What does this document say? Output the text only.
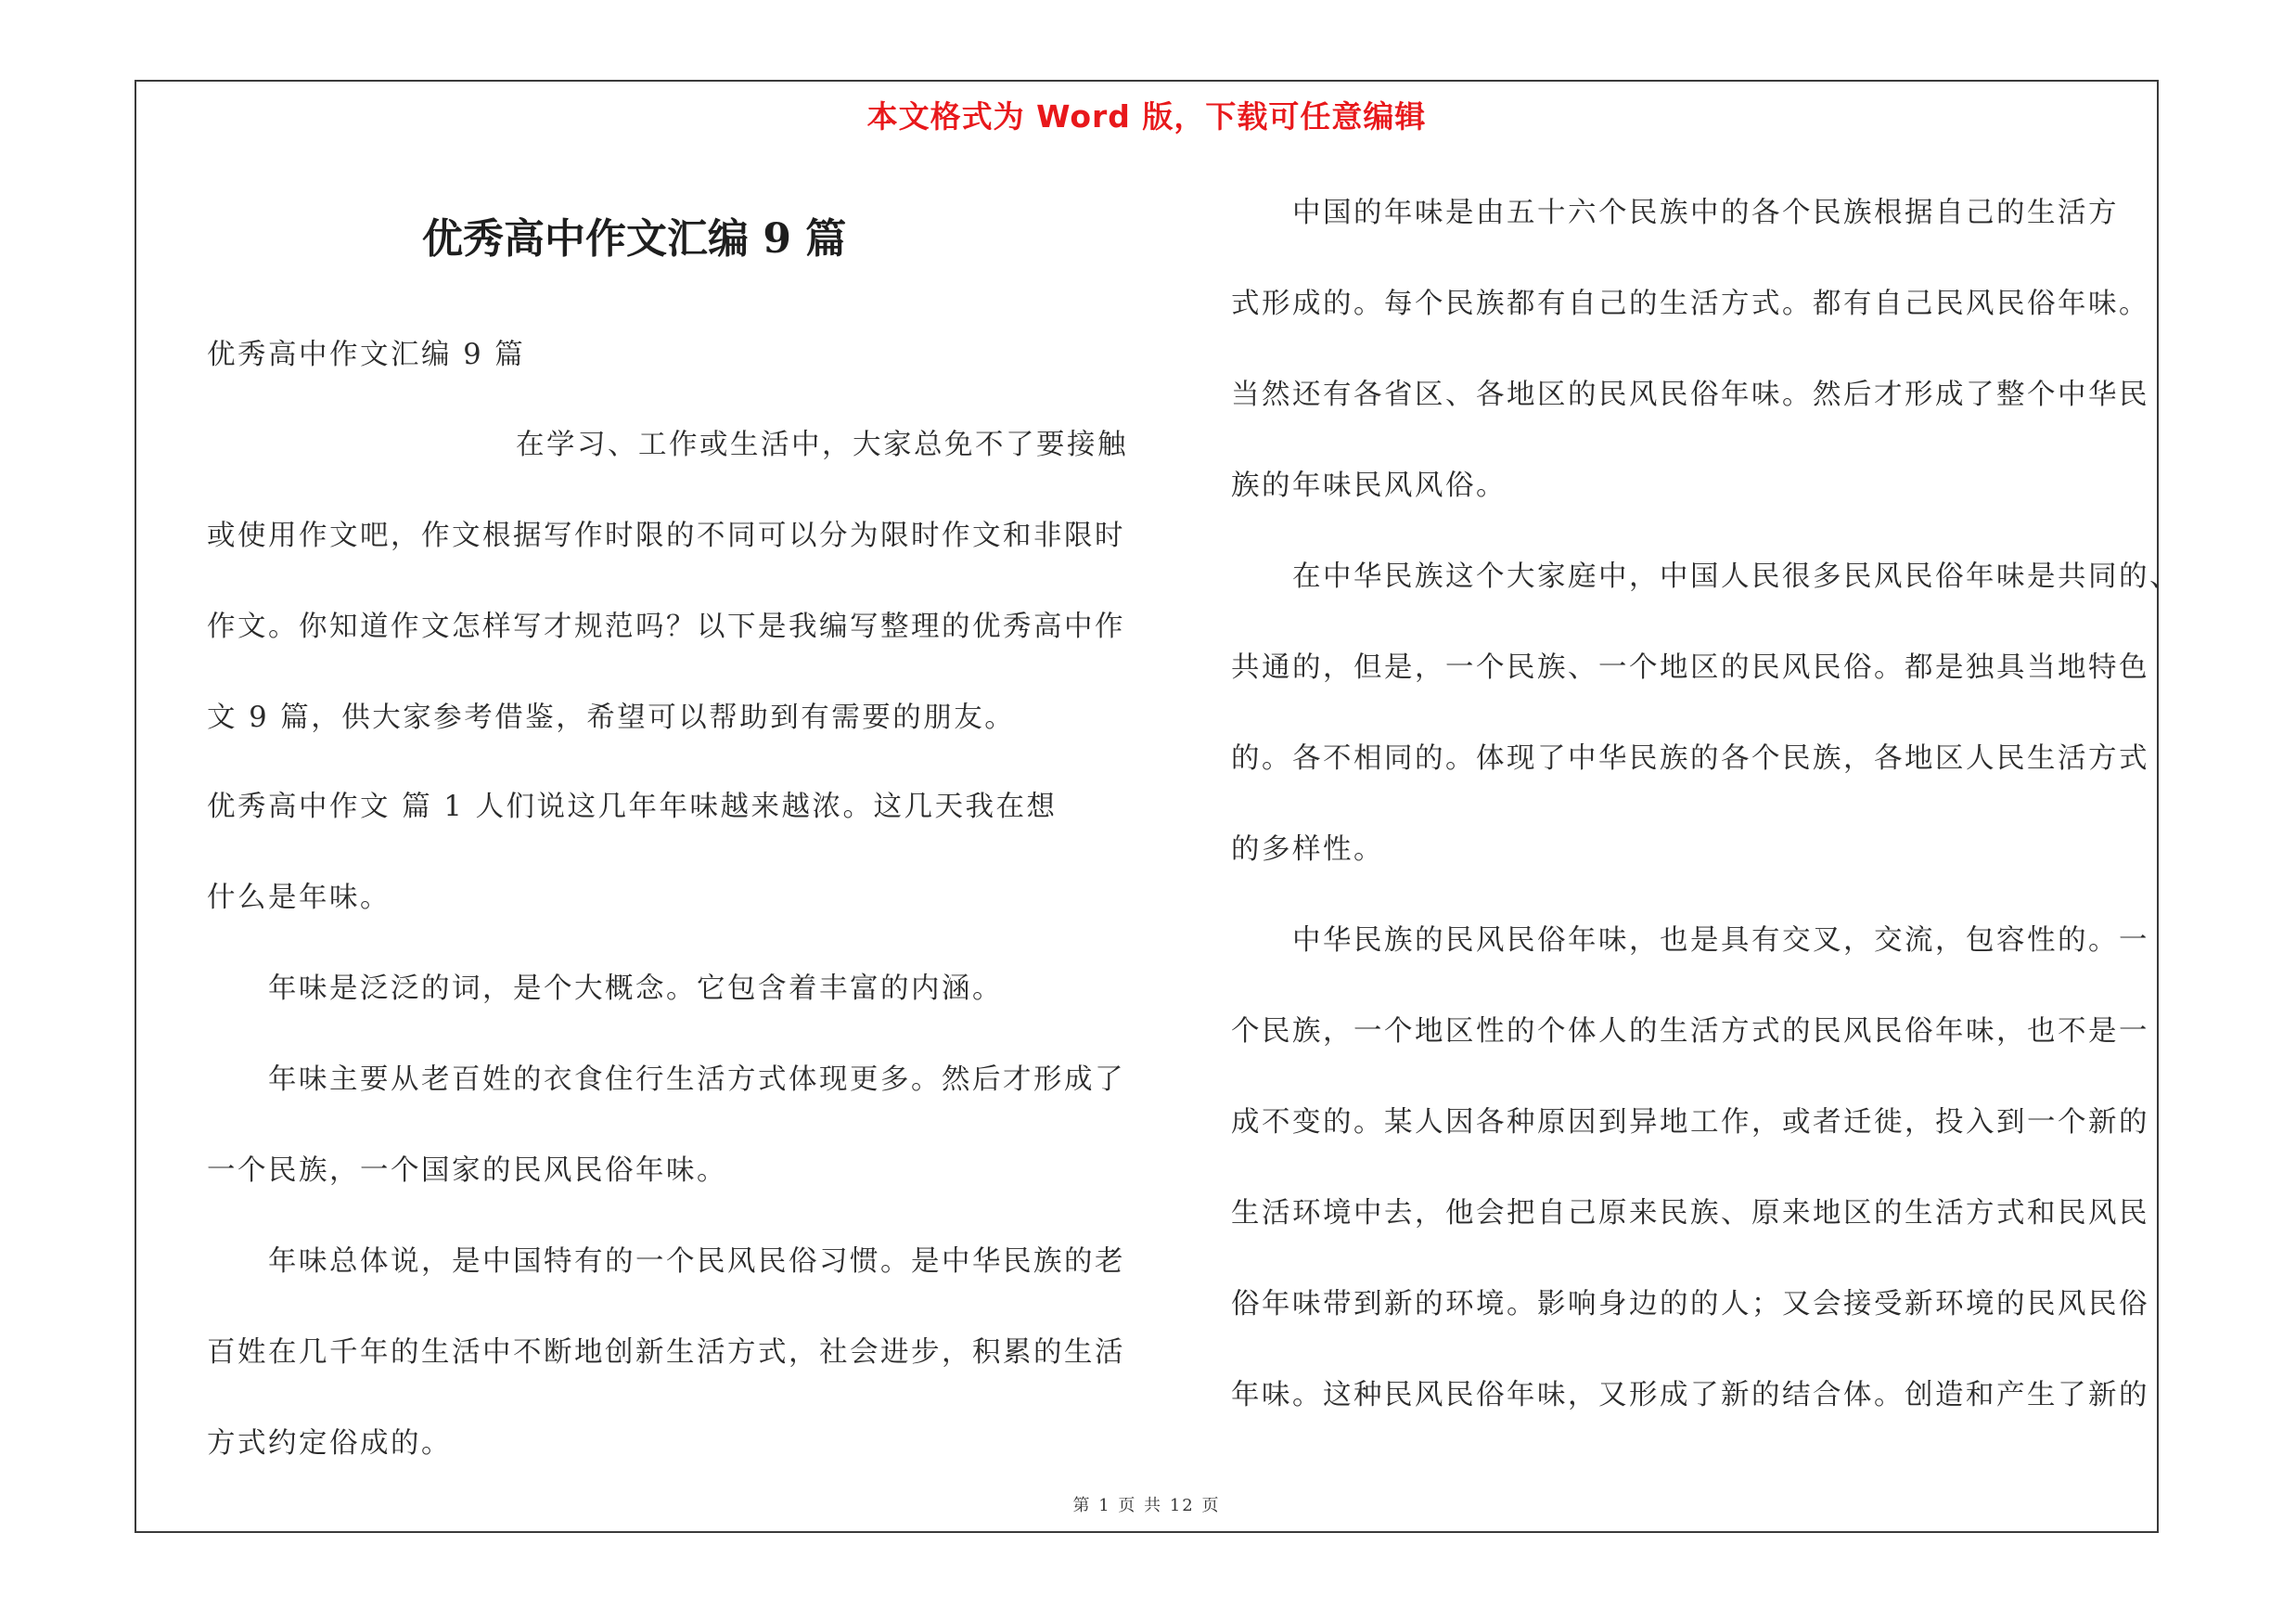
本文格式为 Word 版，下载可任意编辑
优秀高中作文汇编 9 篇
优秀高中作文汇编 9 篇
在学习、工作或生活中，大家总免不了要接触
或使用作文吧，作文根据写作时限的不同可以分为限时作文和非限时
作文。你知道作文怎样写才规范吗？以下是我编写整理的优秀高中作
文 9 篇，供大家参考借鉴，希望可以帮助到有需要的朋友。
优秀高中作文 篇 1 人们说这几年年味越来越浓。这几天我在想
什么是年味。
年味是泛泛的词，是个大概念。它包含着丰富的内涵。
年味主要从老百姓的衣食住行生活方式体现更多。然后才形成了
一个民族，一个国家的民风民俗年味。
年味总体说，是中国特有的一个民风民俗习惯。是中华民族的老
百姓在几千年的生活中不断地创新生活方式，社会进步，积累的生活
方式约定俗成的。
中国的年味是由五十六个民族中的各个民族根据自己的生活方
式形成的。每个民族都有自己的生活方式。都有自己民风民俗年味。
当然还有各省区、各地区的民风民俗年味。然后才形成了整个中华民
族的年味民风风俗。
在中华民族这个大家庭中，中国人民很多民风民俗年味是共同的、
共通的，但是，一个民族、一个地区的民风民俗。都是独具当地特色
的。各不相同的。体现了中华民族的各个民族，各地区人民生活方式
的多样性。
中华民族的民风民俗年味，也是具有交叉，交流，包容性的。一
个民族，一个地区性的个体人的生活方式的民风民俗年味，也不是一
成不变的。某人因各种原因到异地工作，或者迁徙，投入到一个新的
生活环境中去，他会把自己原来民族、原来地区的生活方式和民风民
俗年味带到新的环境。影响身边的的人；又会接受新环境的民风民俗
年味。这种民风民俗年味，又形成了新的结合体。创造和产生了新的
第 1 页 共 12 页
